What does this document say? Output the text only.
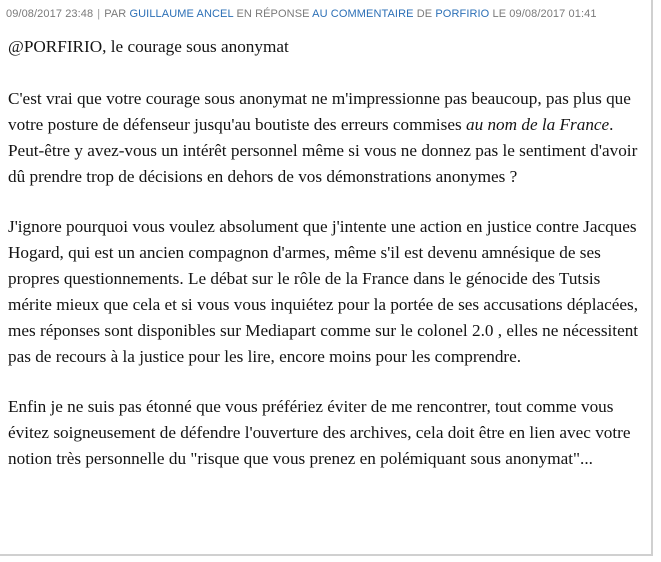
09/08/2017 23:48 | PAR GUILLAUME ANCEL EN RÉPONSE AU COMMENTAIRE DE PORFIRIO LE 09/08/2017 01:41

@PORFIRIO, le courage sous anonymat

C'est vrai que votre courage sous anonymat ne m'impressionne pas beaucoup, pas plus que votre posture de défenseur jusqu'au boutiste des erreurs commises au nom de la France. Peut-être y avez-vous un intérêt personnel même si vous ne donnez pas le sentiment d'avoir dû prendre trop de décisions en dehors de vos démonstrations anonymes ?

J'ignore pourquoi vous voulez absolument que j'intente une action en justice contre Jacques Hogard, qui est un ancien compagnon d'armes, même s'il est devenu amnésique de ses propres questionnements. Le débat sur le rôle de la France dans le génocide des Tutsis mérite mieux que cela et si vous vous inquiétez pour la portée de ses accusations déplacées, mes réponses sont disponibles sur Mediapart comme sur le colonel 2.0 , elles ne nécessitent pas de recours à la justice pour les lire, encore moins pour les comprendre.

Enfin je ne suis pas étonné que vous préfériez éviter de me rencontrer, tout comme vous évitez soigneusement de défendre l'ouverture des archives, cela doit être en lien avec votre notion très personnelle du "risque que vous prenez en polémiquant sous anonymat"...
